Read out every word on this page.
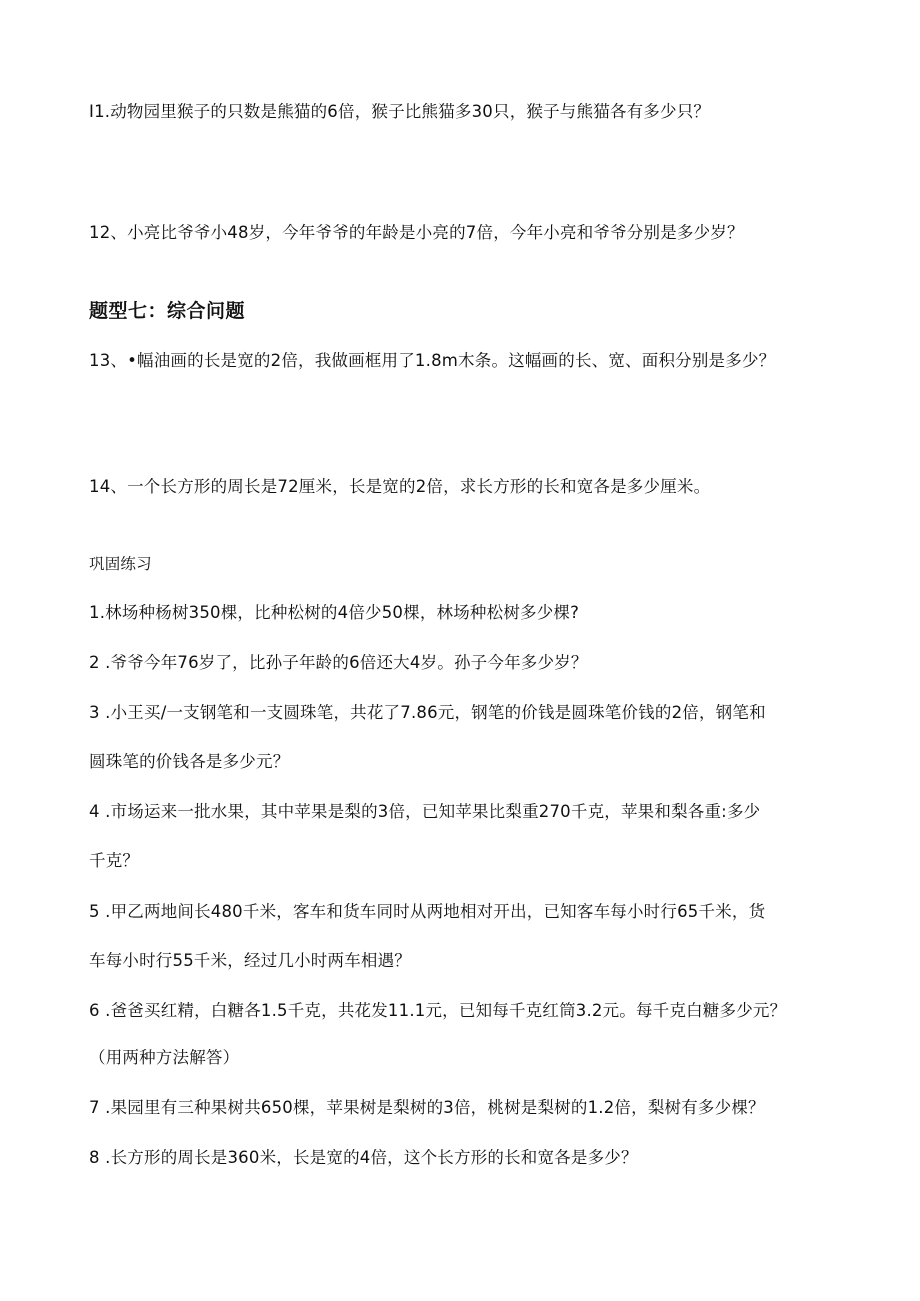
I1.动物园里猴子的只数是熊猫的6倍，猴子比熊猫多30只，猴子与熊猫各有多少只？
12、小亮比爷爷小48岁，今年爷爷的年龄是小亮的7倍，今年小亮和爷爷分别是多少岁？
题型七：综合问题
13、•幅油画的长是宽的2倍，我做画框用了1.8m木条。这幅画的长、宽、面积分别是多少？
14、一个长方形的周长是72厘米，长是宽的2倍，求长方形的长和宽各是多少厘米。
巩固练习
1.林场种杨树350棵，比种松树的4倍少50棵，林场种松树多少棵?
2 .爷爷今年76岁了，比孙子年龄的6倍还大4岁。孙子今年多少岁？
3 .小王买/一支钢笔和一支圆珠笔，共花了7.86元，钢笔的价钱是圆珠笔价钱的2倍，钢笔和
圆珠笔的价钱各是多少元？
4 .市场运来一批水果，其中苹果是梨的3倍，已知苹果比梨重270千克，苹果和梨各重:多少
千克？
5 .甲乙两地间长480千米，客车和货车同时从两地相对开出，已知客车每小时行65千米，货
车每小时行55千米，经过几小时两车相遇？
6 .爸爸买红精，白糖各1.5千克，共花发11.1元，已知每千克红筒3.2元。每千克白糖多少元？
（用两种方法解答）
7 .果园里有三种果树共650棵，苹果树是梨树的3倍，桃树是梨树的1.2倍，梨树有多少棵？
8 .长方形的周长是360米，长是宽的4倍，这个长方形的长和宽各是多少？
